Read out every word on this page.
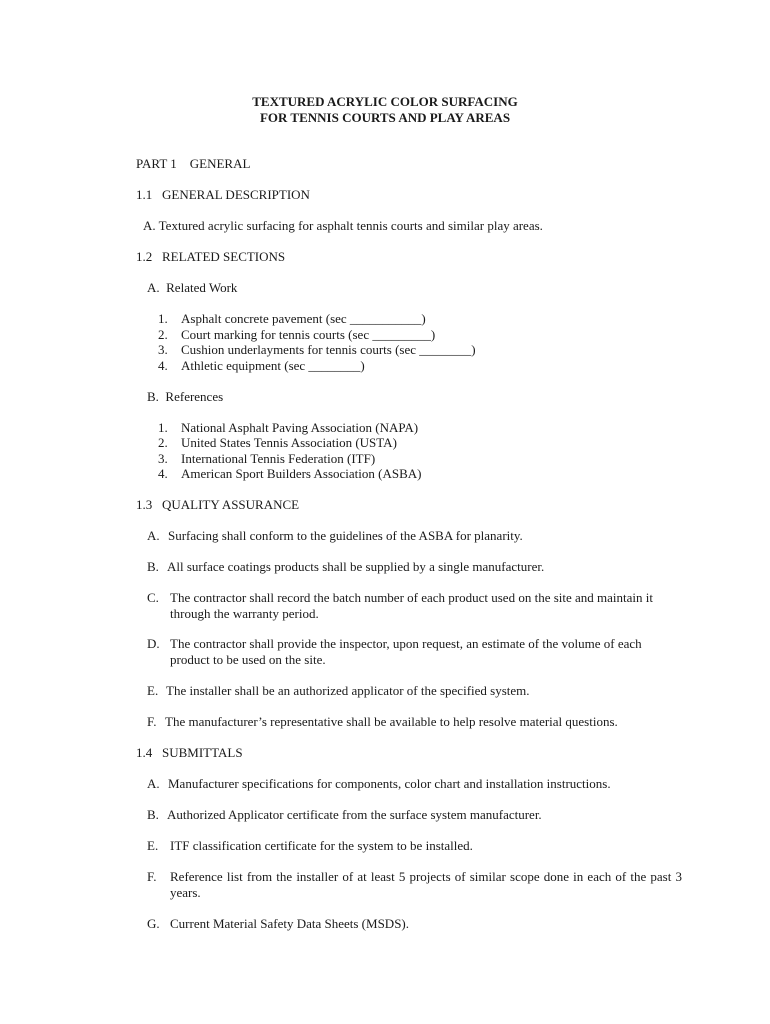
TEXTURED ACRYLIC COLOR SURFACING
FOR TENNIS COURTS AND PLAY AREAS
PART 1    GENERAL
1.1   GENERAL DESCRIPTION
A. Textured acrylic surfacing for asphalt tennis courts and similar play areas.
1.2   RELATED SECTIONS
A.  Related Work
1. Asphalt concrete pavement (sec ___________)
2. Court marking for tennis courts (sec _________)
3. Cushion underlayments for tennis courts (sec ________)
4. Athletic equipment (sec ________)
B.  References
1. National Asphalt Paving Association (NAPA)
2. United States Tennis Association (USTA)
3. International Tennis Federation (ITF)
4. American Sport Builders Association (ASBA)
1.3   QUALITY ASSURANCE
A. Surfacing shall conform to the guidelines of the ASBA for planarity.
B. All surface coatings products shall be supplied by a single manufacturer.
C. The contractor shall record the batch number of each product used on the site and maintain it through the warranty period.
D. The contractor shall provide the inspector, upon request, an estimate of the volume of each product to be used on the site.
E. The installer shall be an authorized applicator of the specified system.
F. The manufacturer’s representative shall be available to help resolve material questions.
1.4   SUBMITTALS
A. Manufacturer specifications for components, color chart and installation instructions.
B. Authorized Applicator certificate from the surface system manufacturer.
E. ITF classification certificate for the system to be installed.
F. Reference list from the installer of at least 5 projects of similar scope done in each of the past 3 years.
G. Current Material Safety Data Sheets (MSDS).
